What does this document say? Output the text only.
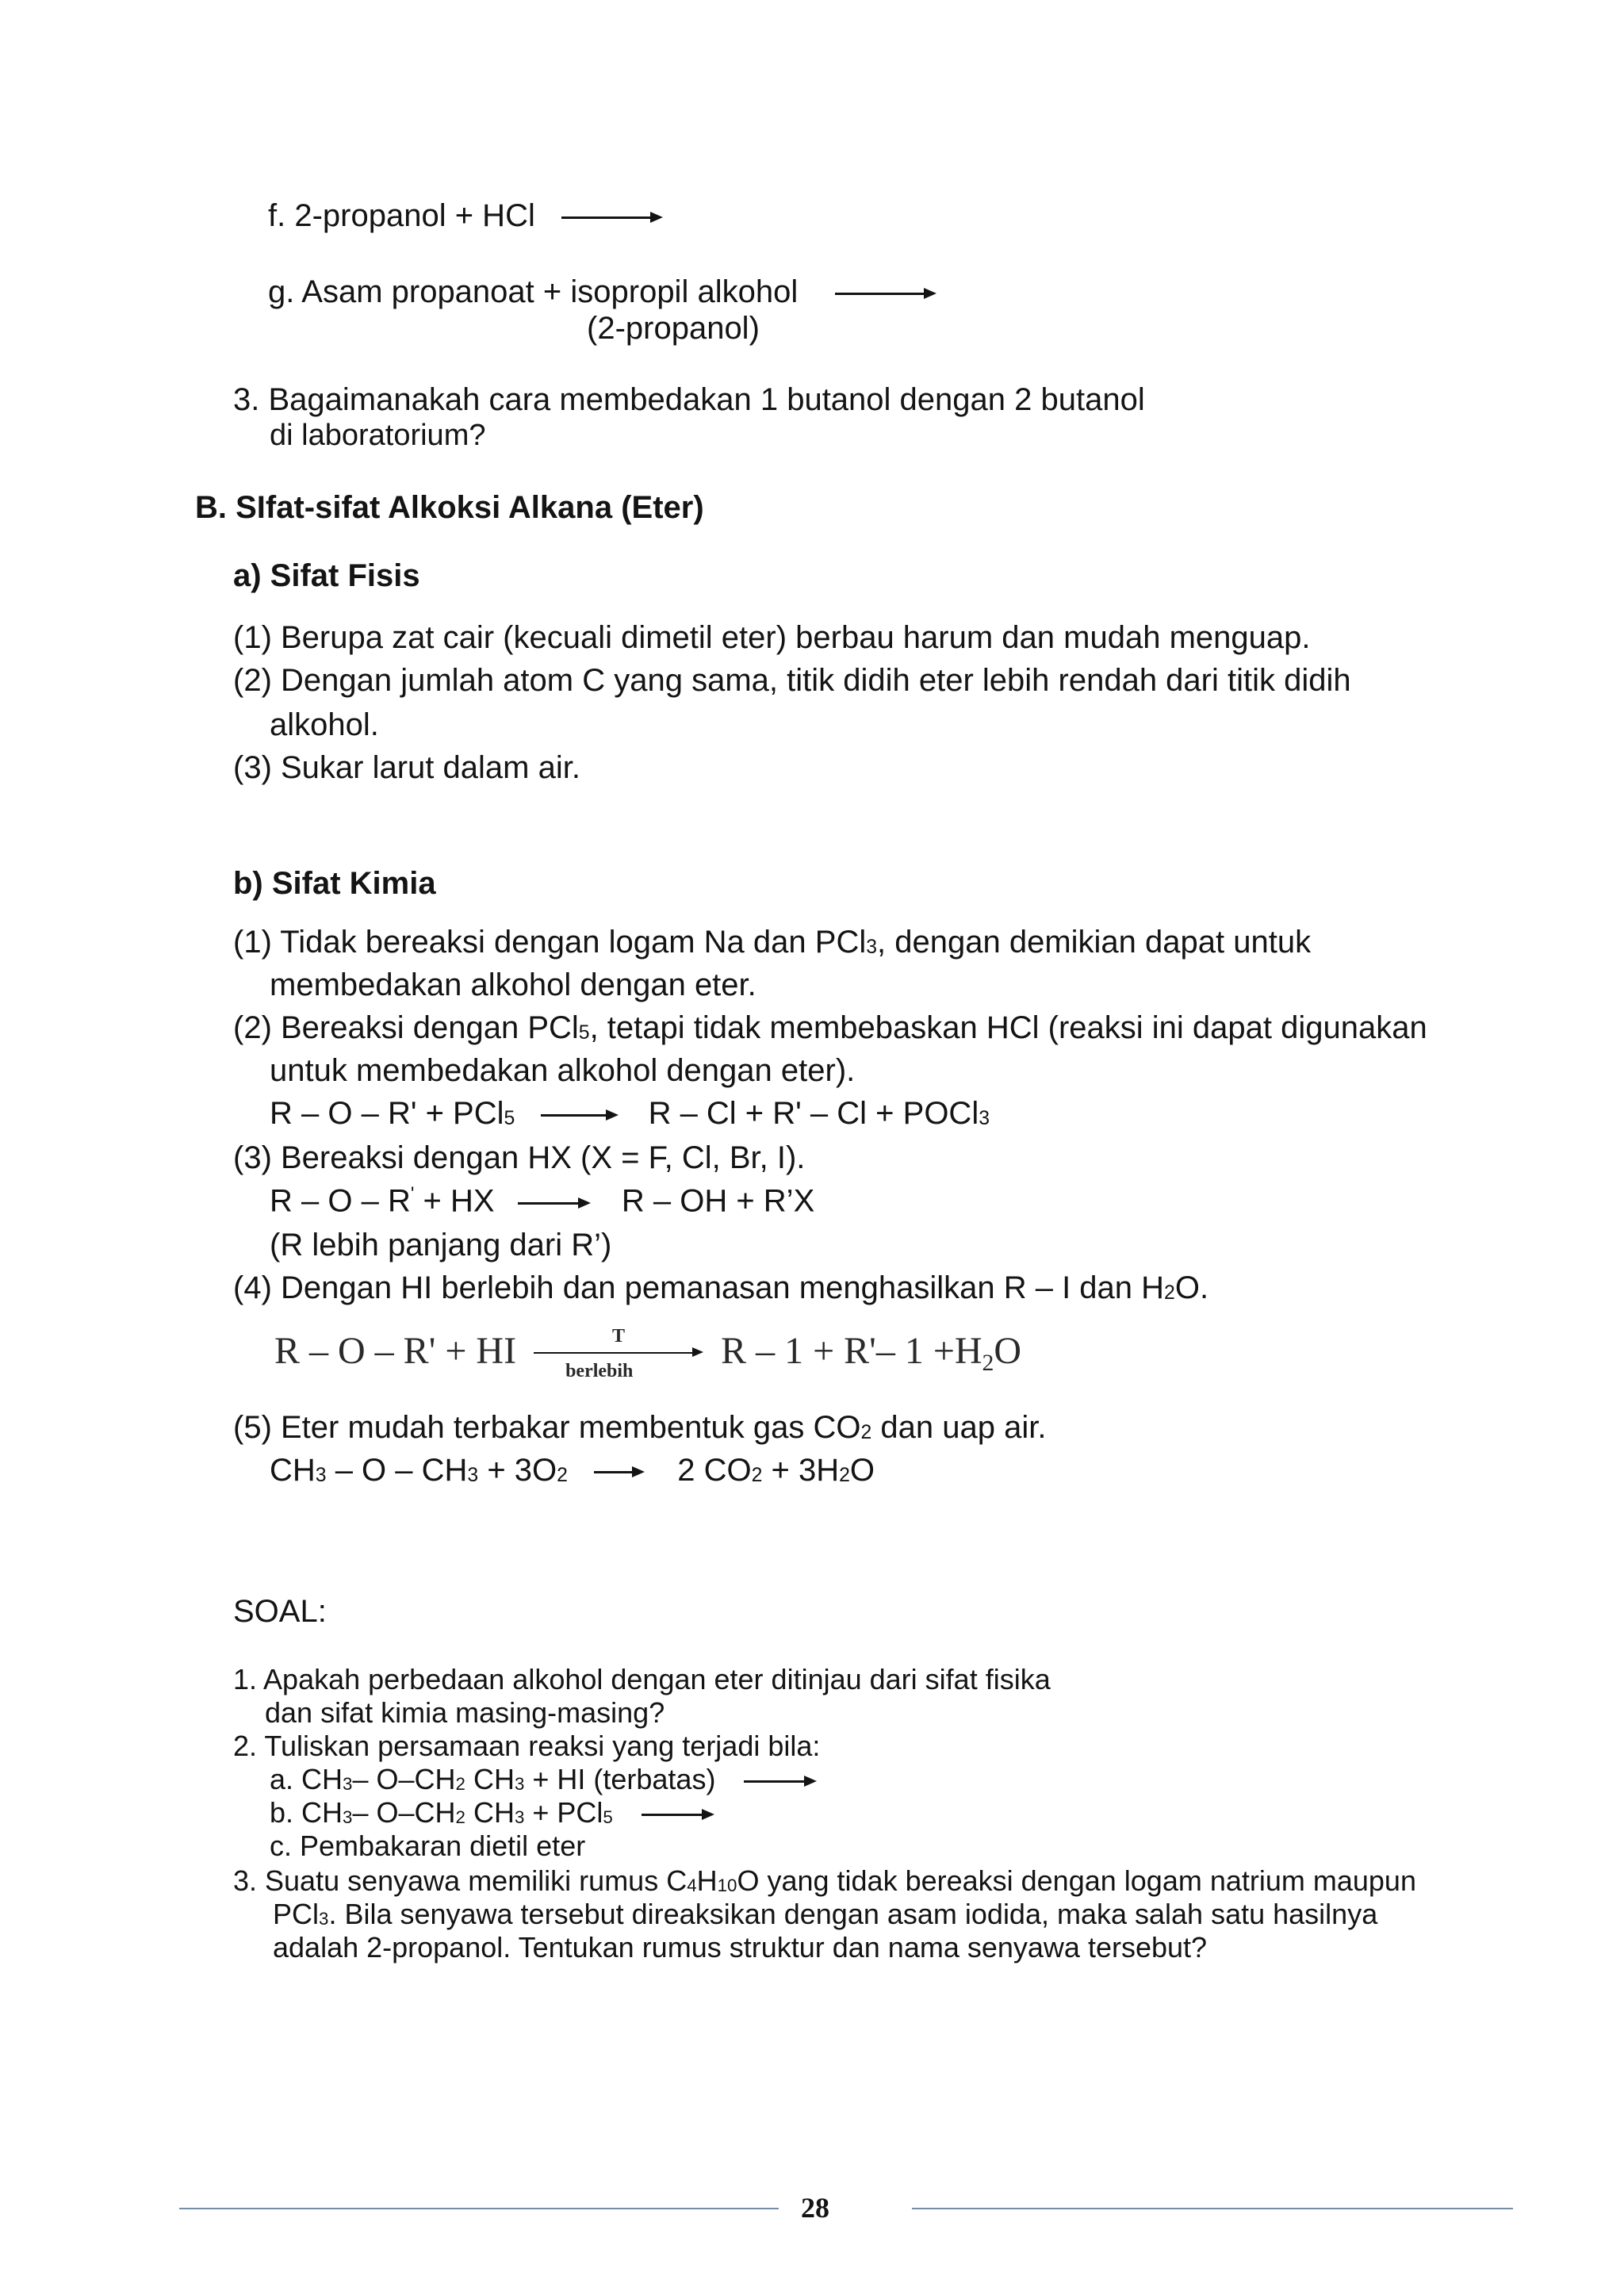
f. 2-propanol + HCl
g. Asam propanoat + isopropil alkohol
(2-propanol)
3. Bagaimanakah cara membedakan 1 butanol dengan 2 butanol
di laboratorium?
B. SIfat-sifat Alkoksi Alkana (Eter)
a) Sifat Fisis
(1) Berupa zat cair (kecuali dimetil eter) berbau harum dan mudah menguap.
(2) Dengan jumlah atom C yang sama, titik didih eter lebih rendah dari titik didih
alkohol.
(3) Sukar larut dalam air.
b) Sifat Kimia
(1) Tidak bereaksi dengan logam Na dan PCl3, dengan demikian dapat untuk
membedakan alkohol dengan eter.
(2) Bereaksi dengan PCl5, tetapi tidak membebaskan HCl (reaksi ini dapat digunakan
untuk membedakan alkohol dengan eter).
R – O – R' + PCl5	R – Cl + R' – Cl + POCl3
(3) Bereaksi dengan HX (X = F, Cl, Br, I).
R – O – R' + HX	R – OH + R’X
(R lebih panjang dari R’)
(4) Dengan HI berlebih dan pemanasan menghasilkan R – I dan H2O.
R – O – R' + HI	T
berlebih R – 1 + R'– $1 +H_2O$
(5) Eter mudah terbakar membentuk gas CO2 dan uap air.
CH3 – O – CH3 + 3O2	2 CO2 + 3H2O
SOAL:
1. Apakah perbedaan alkohol dengan eter ditinjau dari sifat fisika
dan sifat kimia masing-masing?
2. Tuliskan persamaan reaksi yang terjadi bila:
a. CH3– O–CH2 CH3 + HI (terbatas)
b. CH3– O–CH2 CH3 + PCl5
c. Pembakaran dietil eter
3. Suatu senyawa memiliki rumus C4H10O yang tidak bereaksi dengan logam natrium maupun
PCl3. Bila senyawa tersebut direaksikan dengan asam iodida, maka salah satu hasilnya
adalah 2-propanol. Tentukan rumus struktur dan nama senyawa tersebut?
28
